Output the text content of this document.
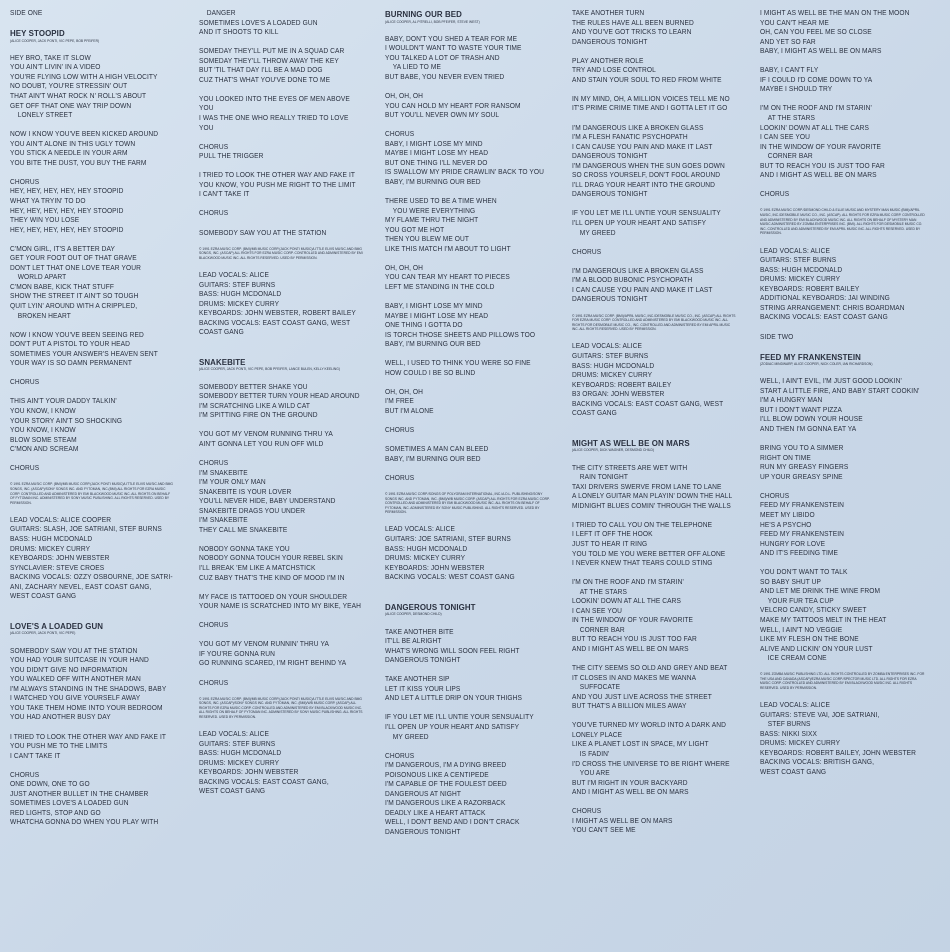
SIDE ONE

HEY STOOPID
(ALICE COOPER, JACK PONTI, VIC PEPE, BOB PFEIFER)

HEY BRO, TAKE IT SLOW
YOU AIN'T LIVIN' IN A VIDEO
YOU'RE FLYING LOW WITH A HIGH VELOCITY
NO DOUBT, YOU'RE STRESSIN' OUT
THAT AIN'T WHAT ROCK N' ROLL'S ABOUT
GET OFF THAT ONE WAY TRIP DOWN
LONELY STREET

NOW I KNOW YOU'VE BEEN KICKED AROUND
YOU AIN'T ALONE IN THIS UGLY TOWN
YOU STICK A NEEDLE IN YOUR ARM
YOU BITE THE DUST, YOU BUY THE FARM

CHORUS
HEY, HEY, HEY, HEY, HEY STOOPID
WHAT YA TRYIN' TO DO
HEY, HEY, HEY, HEY, HEY STOOPID
THEY WIN YOU LOSE
HEY, HEY, HEY, HEY, HEY STOOPID

C'MON GIRL, IT'S A BETTER DAY
GET YOUR FOOT OUT OF THAT GRAVE
DON'T LET THAT ONE LOVE TEAR YOUR
WORLD APART
C'MON BABE, KICK THAT STUFF
SHOW THE STREET IT AIN'T SO TOUGH
QUIT LYIN' AROUND WITH A CRIPPLED,
BROKEN HEART

NOW I KNOW YOU'VE BEEN SEEING RED
DON'T PUT A PISTOL TO YOUR HEAD
SOMETIMES YOUR ANSWER'S HEAVEN SENT
YOUR WAY IS SO DAMN PERMANENT

CHORUS

THIS AIN'T YOUR DADDY TALKIN'
YOU KNOW, I KNOW
YOUR STORY AIN'T SO SHOCKING
YOU KNOW, I KNOW
BLOW SOME STEAM
C'MON AND SCREAM

CHORUS

© 1991 EZRA MUSIC CORP. (BMI)/MB MUSIC CORP.(JACK PONTI MUSIC)/LITTLE ELVIS MUSIC AND BMG SONGS, INC. (ASCAP)/SONY SONGS INC. AND FYTOMAN, INC.(BMI) ALL RIGHTS FOR EZRA MUSIC CORP. CONTROLLED AND ADMINISTERED BY EMI BLACKWOOD MUSIC INC. ALL RIGHTS ON BEHALF OF FYTOMAN INC. ADMINISTERED BY SONY MUSIC PUBLISHING. ALL RIGHTS RESERVED. USED BY PERMISSION.

LEAD VOCALS: ALICE COOPER
GUITARS: SLASH, JOE SATRIANI, STEF BURNS
BASS: HUGH MCDONALD
DRUMS: MICKEY CURRY
KEYBOARDS: JOHN WEBSTER
SYNCLAVIER: STEVE CROES
BACKING VOCALS: OZZY OSBOURNE, JOE SATRI-
ANI, ZACHARY NEVEL, EAST COAST GANG,
WEST COAST GANG

LOVE'S A LOADED GUN
(ALICE COOPER, JACK PONTI, VIC PEPE)

SOMEBODY SAW YOU AT THE STATION
YOU HAD YOUR SUITCASE IN YOUR HAND
YOU DIDN'T GIVE NO INFORMATION
YOU WALKED OFF WITH ANOTHER MAN
I'M ALWAYS STANDING IN THE SHADOWS, BABY
I WATCHED YOU GIVE YOURSELF AWAY
YOU TAKE THEM HOME INTO YOUR BEDROOM
YOU HAD ANOTHER BUSY DAY

I TRIED TO LOOK THE OTHER WAY AND FAKE IT
YOU PUSH ME TO THE LIMITS
I CAN'T TAKE IT

CHORUS
ONE DOWN, ONE TO GO
JUST ANOTHER BULLET IN THE CHAMBER
SOMETIMES LOVE'S A LOADED GUN
RED LIGHTS, STOP AND GO
WHATCHA GONNA DO WHEN YOU PLAY WITH
DANGER
SOMETIMES LOVE'S A LOADED GUN
AND IT SHOOTS TO KILL

SOMEDAY THEY'LL PUT ME IN A SQUAD CAR
SOMEDAY THEY'LL THROW AWAY THE KEY
BUT 'TIL THAT DAY I'LL BE A MAD DOG
CUZ THAT'S WHAT YOU'VE DONE TO ME

YOU LOOKED INTO THE EYES OF MEN ABOVE YOU
I WAS THE ONE WHO REALLY TRIED TO LOVE YOU

CHORUS
PULL THE TRIGGER

I TRIED TO LOOK THE OTHER WAY AND FAKE IT
YOU KNOW, YOU PUSH ME RIGHT TO THE LIMIT
I CAN'T TAKE IT

CHORUS

SOMEBODY SAW YOU AT THE STATION

© 1991 EZRA MUSIC CORP. (BMI)/MB MUSIC CORP.(JACK PONTI MUSIC)/LITTLE ELVIS MUSIC AND BMG SONGS, INC. (ASCAP) ALL RIGHTS FOR EZRA MUSIC CORP. CONTROLLED AND ADMINISTERED BY EMI BLACKWOOD MUSIC INC. ALL RIGHTS RESERVED. USED BY PERMISSION.

LEAD VOCALS: ALICE
GUITARS: STEF BURNS
BASS: HUGH MCDONALD
DRUMS: MICKEY CURRY
KEYBOARDS: JOHN WEBSTER, ROBERT BAILEY
BACKING VOCALS: EAST COAST GANG, WEST
COAST GANG

SNAKEBITE
(ALICE COOPER, JACK PONTI, VIC PEPE, BOB PFEIFER, LANCE BULEN, KELLY KEELING)

SOMEBODY BETTER SHAKE YOU
SOMEBODY BETTER TURN YOUR HEAD AROUND
I'M SCRATCHING LIKE A WILD CAT
I'M SPITTING FIRE ON THE GROUND

YOU GOT MY VENOM RUNNING THRU YA
AIN'T GONNA LET YOU RUN OFF WILD

CHORUS
I'M SNAKEBITE
I'M YOUR ONLY MAN
SNAKEBITE IS YOUR LOVER
YOU'LL NEVER HIDE, BABY UNDERSTAND
SNAKEBITE DRAGS YOU UNDER
I'M SNAKEBITE
THEY CALL ME SNAKEBITE

NOBODY GONNA TAKE YOU
NOBODY GONNA TOUCH YOUR REBEL SKIN
I'LL BREAK 'EM LIKE A MATCHSTICK
CUZ BABY THAT'S THE KIND OF MOOD I'M IN

MY FACE IS TATTOOED ON YOUR SHOULDER
YOUR NAME IS SCRATCHED INTO MY BIKE, YEAH

CHORUS

YOU GOT MY VENOM RUNNIN' THRU YA
IF YOU'RE GONNA RUN
GO RUNNING SCARED, I'M RIGHT BEHIND YA

CHORUS

© 1991 EZRA MUSIC CORP. (BMI)/MB MUSIC CORP.(JACK PONTI MUSIC)/LITTLE ELVIS MUSIC AND BMG SONGS, INC. (ASCAP)/SONY SONGS INC. AND FYTOMAN, INC. (BMI)/WB MUSIC CORP. (ASCAP) ALL RIGHTS FOR EZRA MUSIC CORP. CONTROLLED AND ADMINISTERED BY EMI BLACKWOOD MUSIC INC. ALL RIGHTS ON BEHALF OF FYTOMAN INC. ADMINISTERED BY SONY MUSIC PUBLISHING. ALL RIGHTS RESERVED. USED BY PERMISSION.

LEAD VOCALS: ALICE
GUITARS: STEF BURNS
BASS: HUGH MCDONALD
DRUMS: MICKEY CURRY
KEYBOARDS: JOHN WEBSTER
BACKING VOCALS: EAST COAST GANG,
WEST COAST GANG
BURNING OUR BED
(ALICE COOPER, AL PITRELLI, BOB PFEIFER, STEVE WEST)

BABY, DON'T YOU SHED A TEAR FOR ME
I WOULDN'T WANT TO WASTE YOUR TIME
YOU TALKED A LOT OF TRASH AND
YA LIED TO ME
BUT BABE, YOU NEVER EVEN TRIED

OH, OH, OH
YOU CAN HOLD MY HEART FOR RANSOM
BUT YOU'LL NEVER OWN MY SOUL

CHORUS
BABY, I MIGHT LOSE MY MIND
MAYBE I MIGHT LOSE MY HEAD
BUT ONE THING I'LL NEVER DO
IS SWALLOW MY PRIDE CRAWLIN' BACK TO YOU
BABY, I'M BURNING OUR BED

THERE USED TO BE A TIME WHEN
YOU WERE EVERYTHING
MY FLAME THRU THE NIGHT
YOU GOT ME HOT
THEN YOU BLEW ME OUT
LIKE THIS MATCH I'M ABOUT TO LIGHT

OH, OH, OH
YOU CAN TEAR MY HEART TO PIECES
LEFT ME STANDING IN THE COLD

BABY, I MIGHT LOSE MY MIND
MAYBE I MIGHT LOSE MY HEAD
ONE THING I GOTTA DO
IS TORCH THOSE SHEETS AND PILLOWS TOO
BABY, I'M BURNING OUR BED

WELL, I USED TO THINK YOU WERE SO FINE
HOW COULD I BE SO BLIND

OH, OH, OH
I'M FREE
BUT I'M ALONE

CHORUS

SOMETIMES A MAN CAN BLEED
BABY, I'M BURNING OUR BED

CHORUS

© 1991 EZRA MUSIC CORP./SONGS OF POLYGRAM INTERNATIONAL, INC./A.D.L. PUBLISHING/SONY SONGS INC. AND FYTOMAN, INC. (BMI)/WB MUSIC CORP. (ASCAP) ALL RIGHTS FOR EZRA MUSIC CORP. CONTROLLED AND ADMINISTERED BY EMI BLACKWOOD MUSIC INC. ALL RIGHTS ON BEHALF OF FYTOMAN, INC. ADMINISTERED BY SONY MUSIC PUBLISHING. ALL RIGHTS RESERVED. USED BY PERMISSION.

LEAD VOCALS: ALICE
GUITARS: JOE SATRIANI, STEF BURNS
BASS: HUGH MCDONALD
DRUMS: MICKEY CURRY
KEYBOARDS: JOHN WEBSTER
BACKING VOCALS: WEST COAST GANG

DANGEROUS TONIGHT
(ALICE COOPER, DESMOND CHILD)

TAKE ANOTHER BITE
IT'LL BE ALRIGHT
WHAT'S WRONG WILL SOON FEEL RIGHT
DANGEROUS TONIGHT

TAKE ANOTHER SIP
LET IT KISS YOUR LIPS
AND LET A LITTLE DRIP ON YOUR THIGHS

IF YOU LET ME I'LL UNTIE YOUR SENSUALITY
I'LL OPEN UP YOUR HEART AND SATISFY
MY GREED

CHORUS
I'M DANGEROUS, I'M A DYING BREED
POISONOUS LIKE A CENTIPEDE
I'M CAPABLE OF THE FOULEST DEED
DANGEROUS AT NIGHT
I'M DANGEROUS LIKE A RAZORBACK
DEADLY LIKE A HEART ATTACK
WELL, I DON'T BEND AND I DON'T CRACK
DANGEROUS TONIGHT
TAKE ANOTHER TURN
THE RULES HAVE ALL BEEN BURNED
AND YOU'VE GOT TRICKS TO LEARN
DANGEROUS TONIGHT

PLAY ANOTHER ROLE
TRY AND LOSE CONTROL
AND STAIN YOUR SOUL TO RED FROM WHITE

IN MY MIND, OH, A MILLION VOICES TELL ME NO
IT'S PRIME CRIME TIME AND I GOTTA LET IT GO

I'M DANGEROUS LIKE A BROKEN GLASS
I'M A FLESH FANATIC PSYCHOPATH
I CAN CAUSE YOU PAIN AND MAKE IT LAST
DANGEROUS TONIGHT
I'M DANGEROUS WHEN THE SUN GOES DOWN
SO CROSS YOURSELF, DON'T FOOL AROUND
I'LL DRAG YOUR HEART INTO THE GROUND
DANGEROUS TONIGHT

IF YOU LET ME I'LL UNTIE YOUR SENSUALITY
I'LL OPEN UP YOUR HEART AND SATISFY
MY GREED

CHORUS

I'M DANGEROUS LIKE A BROKEN GLASS
I'M A BLOOD BUBONIC PSYCHOPATH
I CAN CAUSE YOU PAIN AND MAKE IT LAST
DANGEROUS TONIGHT

© 1991 EZRA MUSIC CORP. (BMI)/APRIL MUSIC, INC./DESMOBILE MUSIC CO., INC. (ASCAP) ALL RIGHTS FOR EZRA MUSIC CORP. CONTROLLED AND ADMINISTERED BY EMI BLACKWOOD MUSIC INC. ALL RIGHTS FOR DESMOBILE MUSIC CO., INC. CONTROLLED AND ADMINISTERED BY EMI APRIL MUSIC INC. ALL RIGHTS RESERVED. USED BY PERMISSION.

LEAD VOCALS: ALICE
GUITARS: STEF BURNS
BASS: HUGH MCDONALD
DRUMS: MICKEY CURRY
KEYBOARDS: ROBERT BAILEY
B3 ORGAN: JOHN WEBSTER
BACKING VOCALS: EAST COAST GANG, WEST
COAST GANG

MIGHT AS WELL BE ON MARS
(ALICE COOPER, DICK WAGNER, DESMOND CHILD)

THE CITY STREETS ARE WET WITH
RAIN TONIGHT
TAXI DRIVERS SWERVE FROM LANE TO LANE
A LONELY GUITAR MAN PLAYIN' DOWN THE HALL
MIDNIGHT BLUES COMIN' THROUGH THE WALLS

I TRIED TO CALL YOU ON THE TELEPHONE
I LEFT IT OFF THE HOOK
JUST TO HEAR IT RING
YOU TOLD ME YOU WERE BETTER OFF ALONE
I NEVER KNEW THAT TEARS COULD STING

I'M ON THE ROOF AND I'M STARIN'
AT THE STARS
LOOKIN' DOWN AT ALL THE CARS
I CAN SEE YOU
IN THE WINDOW OF YOUR FAVORITE
CORNER BAR
BUT TO REACH YOU IS JUST TOO FAR
AND I MIGHT AS WELL BE ON MARS

THE CITY SEEMS SO OLD AND GREY AND BEAT
IT CLOSES IN AND MAKES ME WANNA
SUFFOCATE
AND YOU JUST LIVE ACROSS THE STREET
BUT THAT'S A BILLION MILES AWAY

YOU'VE TURNED MY WORLD INTO A DARK AND
LONELY PLACE
LIKE A PLANET LOST IN SPACE, MY LIGHT
IS FADIN'
I'D CROSS THE UNIVERSE TO BE RIGHT WHERE
YOU ARE
BUT I'M RIGHT IN YOUR BACKYARD
AND I MIGHT AS WELL BE ON MARS

CHORUS
I MIGHT AS WELL BE ON MARS
YOU CAN'T SEE ME
I MIGHT AS WELL BE THE MAN ON THE MOON
YOU CAN'T HEAR ME
OH, CAN YOU FEEL ME SO CLOSE
AND YET SO FAR
BABY, I MIGHT AS WELL BE ON MARS

BABY, I CAN'T FLY
IF I COULD I'D COME DOWN TO YA
MAYBE I SHOULD TRY

I'M ON THE ROOF AND I'M STARIN'
AT THE STARS
LOOKIN' DOWN AT ALL THE CARS
I CAN SEE YOU
IN THE WINDOW OF YOUR FAVORITE
CORNER BAR
BUT TO REACH YOU IS JUST TOO FAR
AND I MIGHT AS WELL BE ON MARS

CHORUS

© 1991 EZRA MUSIC CORP./DESMOND CHILD & ELLIE MUSIC AND MYSTERY MAN MUSIC (BMI)/APRIL MUSIC, INC./DESMOBILE MUSIC CO., INC. (ASCAP). ALL RIGHTS FOR EZRA MUSIC CORP. CONTROLLED AND ADMINISTERED BY EMI BLACKWOOD MUSIC INC. ALL RIGHTS ON BEHALF OF MYSTERY MAN MUSIC ADMINISTERED BY ZOMBA ENTERPRISES INC. (BMI). ALL RIGHTS FOR DESMOBILE MUSIC CO. INC. CONTROLLED AND ADMINISTERED BY EMI APRIL MUSIC INC. ALL RIGHTS RESERVED. USED BY PERMISSION.

LEAD VOCALS: ALICE
GUITARS: STEF BURNS
BASS: HUGH MCDONALD
DRUMS: MICKEY CURRY
KEYBOARDS: ROBERT BAILEY
ADDITIONAL KEYBOARDS: JAI WINDING
STRING ARRANGEMENT: CHRIS BOARDMAN
BACKING VOCALS: EAST COAST GANG

SIDE TWO

FEED MY FRANKENSTEIN
(ZODIAC MINDWARP, ALICE COOPER, NICK COLER, IAN RICHARDSON)

WELL, I AIN'T EVIL, I'M JUST GOOD LOOKIN'
START A LITTLE FIRE, AND BABY START COOKIN'
I'M A HUNGRY MAN
BUT I DON'T WANT PIZZA
I'LL BLOW DOWN YOUR HOUSE
AND THEN I'M GONNA EAT YA

BRING YOU TO A SIMMER
RIGHT ON TIME
RUN MY GREASY FINGERS
UP YOUR GREASY SPINE

CHORUS
FEED MY FRANKENSTEIN
MEET MY LIBIDO
HE'S A PSYCHO
FEED MY FRANKENSTEIN
HUNGRY FOR LOVE
AND IT'S FEEDING TIME

YOU DON'T WANT TO TALK
SO BABY SHUT UP
AND LET ME DRINK THE WINE FROM
YOUR FUR TEA CUP
VELCRO CANDY, STICKY SWEET
MAKE MY TATTOOS MELT IN THE HEAT
WELL, I AIN'T NO VEGGIE
LIKE MY FLESH ON THE BONE
ALIVE AND LICKIN' ON YOUR LUST
ICE CREAM CONE

© 1991 ZOMBA MUSIC PUBLISHING LTD. ALL RIGHTS CONTROLLED BY ZOMBA ENTERPRISES INC. FOR THE USA AND CANADA (ASCAP)/EZRA MUSIC CORP./SPECTOR MUSIC LTD. ALL RIGHTS FOR EZRA MUSIC CORP. CONTROLLED AND ADMINISTERED BY EMI BLACKWOOD MUSIC INC. ALL RIGHTS RESERVED. USED BY PERMISSION.

LEAD VOCALS: ALICE
GUITARS: STEVE VAI, JOE SATRIANI,
STEF BURNS
BASS: NIKKI SIXX
DRUMS: MICKEY CURRY
KEYBOARDS: ROBERT BAILEY, JOHN WEBSTER
BACKING VOCALS: BRITISH GANG,
WEST COAST GANG
